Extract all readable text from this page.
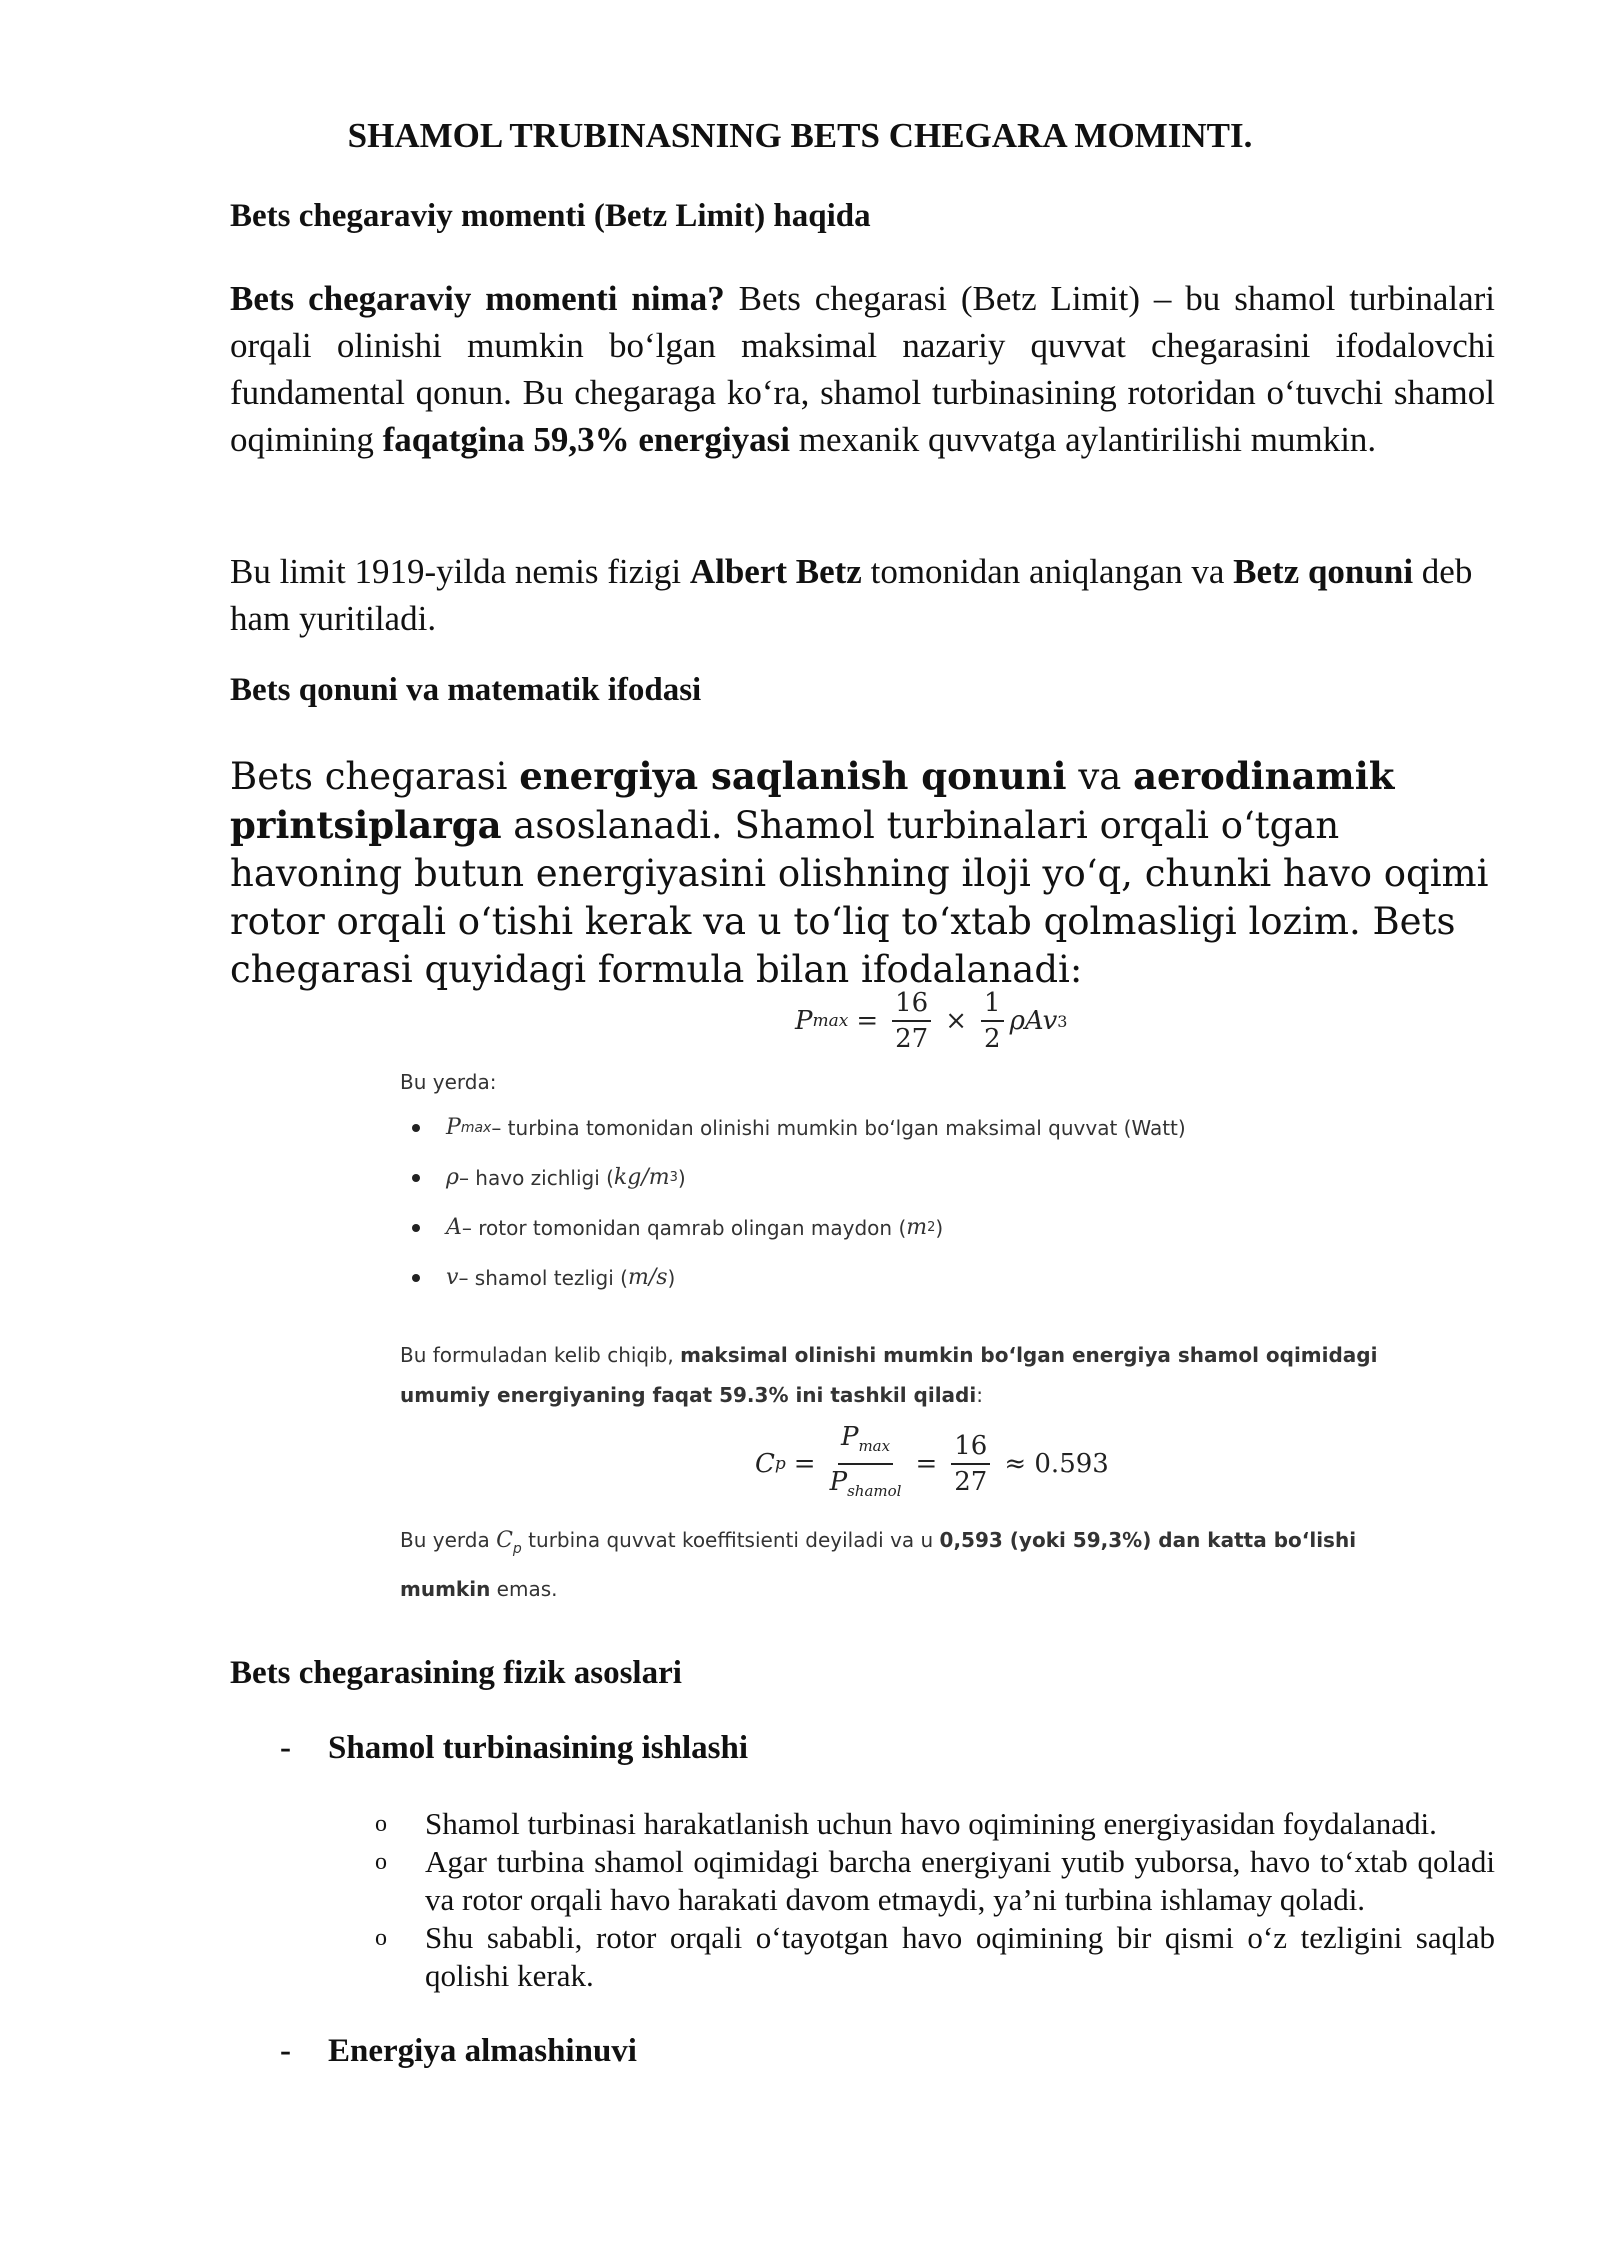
SHAMOL TRUBINASNING BETS CHEGARA MOMINTI.
Bets chegaraviy momenti (Betz Limit) haqida
Bets chegaraviy momenti nima? Bets chegarasi (Betz Limit) – bu shamol turbinalari orqali olinishi mumkin bo‘lgan maksimal nazariy quvvat chegarasini ifodalovchi fundamental qonun. Bu chegaraga ko‘ra, shamol turbinasining rotoridan o‘tuvchi shamol oqimining faqatgina 59,3% energiyasi mexanik quvvatga aylantirilishi mumkin.
Bu limit 1919-yilda nemis fizigi Albert Betz tomonidan aniqlangan va Betz qonuni deb ham yuritiladi.
Bets qonuni va matematik ifodasi
Bets chegarasi energiya saqlanish qonuni va aerodinamik printsiplarga asoslanadi. Shamol turbinalari orqali o‘tgan havoning butun energiyasini olishning iloji yo‘q, chunki havo oqimi rotor orqali o‘tishi kerak va u to‘liq to‘xtab qolmasligi lozim. Bets chegarasi quyidagi formula bilan ifodalanadi:
P $\max = \frac{16}{27} \times \frac{1}{2}$ ρAv 3
Bu yerda:
P max – turbina tomonidan olinishi mumkin bo‘lgan maksimal quvvat (Watt)
ρ – havo zichligi ( kg/m 3 )
A – rotor tomonidan qamrab olingan maydon ( m 2 )
v – shamol tezligi ( m/s )
Bu formuladan kelib chiqib, maksimal olinishi mumkin bo‘lgan energiya shamol oqimidagi umumiy energiyaning faqat 59.3% ini tashkil qiladi:
C $p = \frac{P_{max}}{P_{shamol}} = \frac{16}{27} \approx 0.593$
Bu yerda $C_p$ turbina quvvat koeffitsienti deyiladi va u 0,593 (yoki 59,3%) dan katta bo‘lishi mumkin emas.
Bets chegarasining fizik asoslari
- Shamol turbinasining ishlashi
o	Shamol turbinasi harakatlanish uchun havo oqimining energiyasidan foydalanadi.
o	Agar turbina shamol oqimidagi barcha energiyani yutib yuborsa, havo to‘xtab qoladi va rotor orqali havo harakati davom etmaydi, ya’ni turbina ishlamay qoladi.
o	Shu sababli, rotor orqali o‘tayotgan havo oqimining bir qismi o‘z tezligini saqlab qolishi kerak.
- Energiya almashinuvi
